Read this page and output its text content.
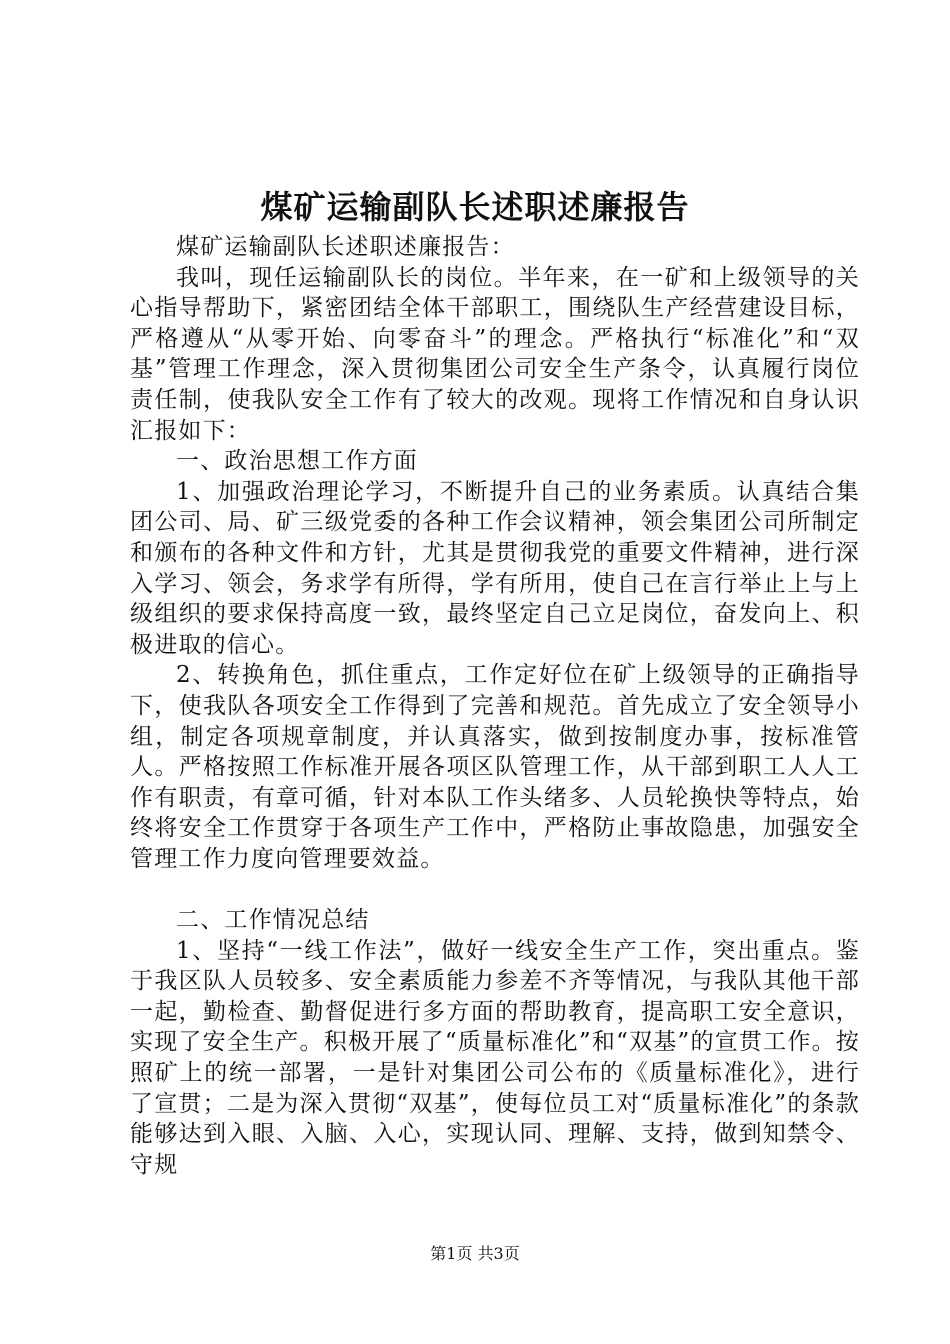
煤矿运输副队长述职述廉报告

煤矿运输副队长述职述廉报告：

我叫，现任运输副队长的岗位。半年来，在一矿和上级领导的关心指导帮助下，紧密团结全体干部职工，围绕队生产经营建设目标，严格遵从“从零开始、向零奋斗”的理念。严格执行“标准化”和“双基”管理工作理念，深入贯彻集团公司安全生产条令，认真履行岗位责任制，使我队安全工作有了较大的改观。现将工作情况和自身认识汇报如下：

一、政治思想工作方面

1、加强政治理论学习，不断提升自己的业务素质。认真结合集团公司、局、矿三级党委的各种工作会议精神，领会集团公司所制定和颁布的各种文件和方针，尤其是贯彻我党的重要文件精神，进行深入学习、领会，务求学有所得，学有所用，使自己在言行举止上与上级组织的要求保持高度一致，最终坚定自己立足岗位，奋发向上、积极进取的信心。

2、转换角色，抓住重点，工作定好位在矿上级领导的正确指导下，使我队各项安全工作得到了完善和规范。首先成立了安全领导小组，制定各项规章制度，并认真落实，做到按制度办事，按标准管人。严格按照工作标准开展各项区队管理工作，从干部到职工人人工作有职责，有章可循，针对本队工作头绪多、人员轮换快等特点，始终将安全工作贯穿于各项生产工作中，严格防止事故隐患，加强安全管理工作力度向管理要效益。

二、工作情况总结

1、坚持“一线工作法”，做好一线安全生产工作，突出重点。鉴于我区队人员较多、安全素质能力参差不齐等情况，与我队其他干部一起，勤检查、勤督促进行多方面的帮助教育，提高职工安全意识，实现了安全生产。积极开展了“质量标准化”和“双基”的宣贯工作。按照矿上的统一部署，一是针对集团公司公布的《质量标准化》，进行了宣贯；二是为深入贯彻“双基”，使每位员工对“质量标准化”的条款能够达到入眼、入脑、入心，实现认同、理解、支持，做到知禁令、守规

第1页 共3页
